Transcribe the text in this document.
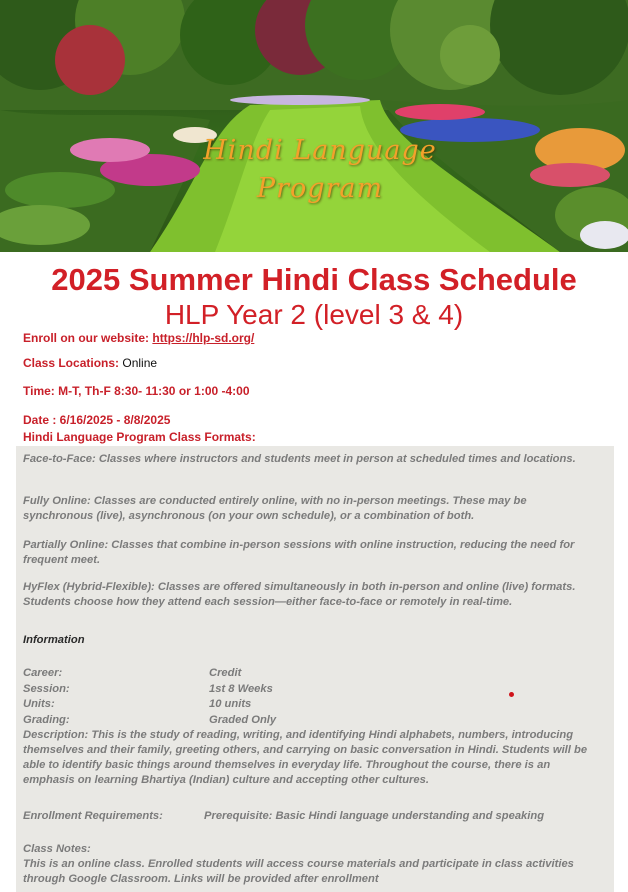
Hindi Language
Program
2025 Summer Hindi Class Schedule
HLP Year 2 (level 3 & 4)
Enroll on our website: https://hlp-sd.org/
Class Locations: Online
Time: M-T, Th-F 8:30- 11:30 or 1:00 -4:00
Date : 6/16/2025 - 8/8/2025
Hindi Language Program Class Formats:
Face-to-Face: Classes where instructors and students meet in person at scheduled times and locations.
Fully Online: Classes are conducted entirely online, with no in-person meetings. These may be synchronous (live), asynchronous (on your own schedule), or a combination of both.
Partially Online: Classes that combine in-person sessions with online instruction, reducing the need for frequent meet.
HyFlex (Hybrid-Flexible): Classes are offered simultaneously in both in-person and online (live) formats. Students choose how they attend each session—either face-to-face or remotely in real-time.
Information
Career:	Credit
Session:	1st 8 Weeks
Units:	10 units
Grading:	Graded Only
Description: This is the study of reading, writing, and identifying Hindi alphabets, numbers, introducing themselves and their family, greeting others, and carrying on basic conversation in Hindi. Students will be able to identify basic things around themselves in everyday life. Throughout the course, there is an emphasis on learning Bhartiya (Indian) culture and accepting other cultures.
Enrollment Requirements:	Prerequisite: Basic Hindi language understanding and speaking
Class Notes:
This is an online class. Enrolled students will access course materials and participate in class activities through Google Classroom. Links will be provided after enrollment
